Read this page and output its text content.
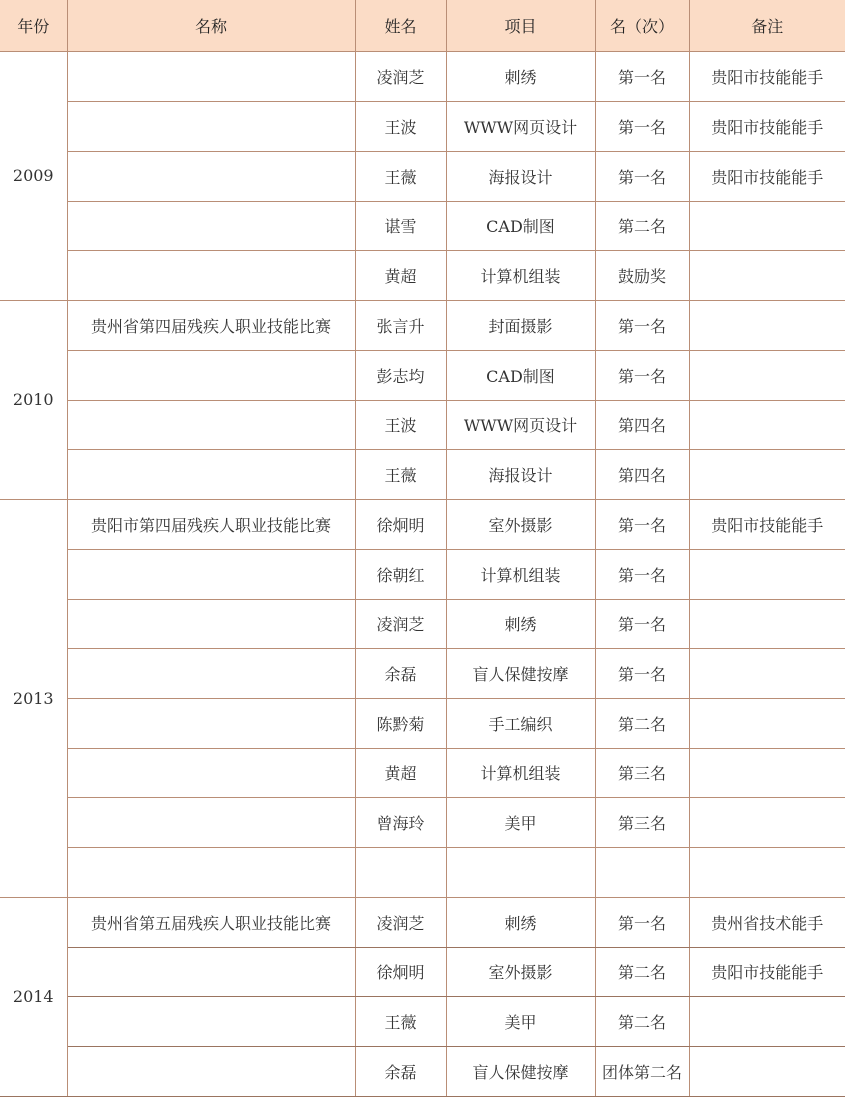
年份	名称	姓名	项目	名（次）	备注
2009		凌润芝	刺绣	第一名	贵阳市技能能手
		王波	WWW网页设计	第一名	贵阳市技能能手
		王薇	海报设计	第一名	贵阳市技能能手
		谌雪	CAD制图	第二名	
		黄超	计算机组装	鼓励奖	
2010	贵州省第四届残疾人职业技能比赛	张言升	封面摄影	第一名	
		彭志均	CAD制图	第一名	
		王波	WWW网页设计	第四名	
		王薇	海报设计	第四名	
2013	贵阳市第四届残疾人职业技能比赛	徐炯明	室外摄影	第一名	贵阳市技能能手
		徐朝红	计算机组装	第一名	
		凌润芝	刺绣	第一名	
		余磊	盲人保健按摩	第一名	
		陈黔菊	手工编织	第二名	
		黄超	计算机组装	第三名	
		曾海玲	美甲	第三名	

2014	贵州省第五届残疾人职业技能比赛	凌润芝	刺绣	第一名	贵州省技术能手
		徐炯明	室外摄影	第二名	贵阳市技能能手
		王薇	美甲	第二名	
		余磊	盲人保健按摩	团体第二名	
